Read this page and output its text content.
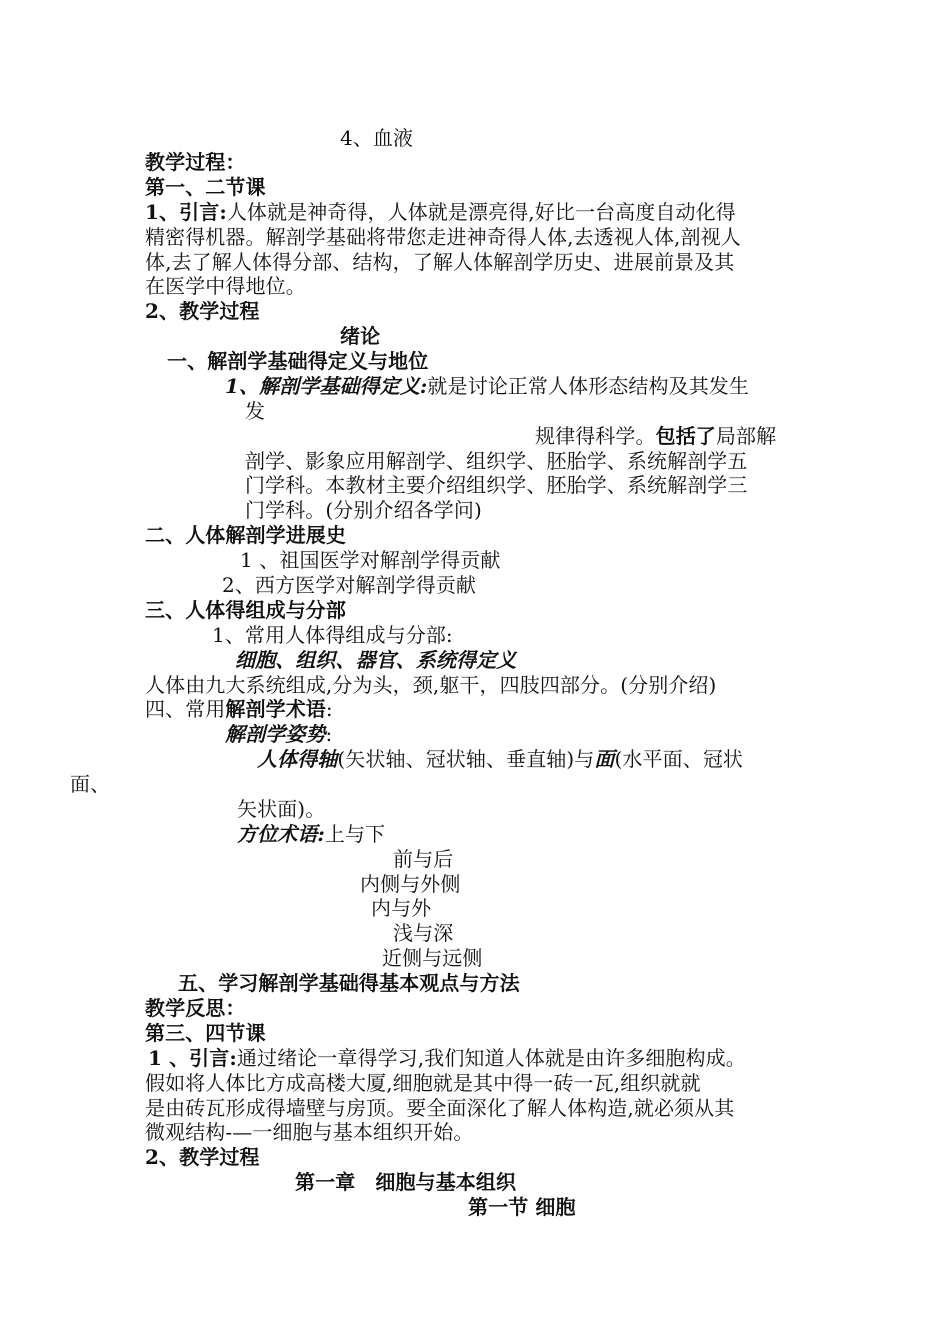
4、血液
教学过程：
第一、二节课
1、引言:人体就是神奇得，人体就是漂亮得,好比一台高度自动化得
精密得机器。解剖学基础将带您走进神奇得人体,去透视人体,剖视人
体,去了解人体得分部、结构，了解人体解剖学历史、进展前景及其
在医学中得地位。
2、教学过程
绪论
一、解剖学基础得定义与地位
1、解剖学基础得定义:就是讨论正常人体形态结构及其发生
发
规律得科学。包括了局部解
剖学、影象应用解剖学、组织学、胚胎学、系统解剖学五
门学科。本教材主要介绍组织学、胚胎学、系统解剖学三
门学科。(分别介绍各学问)
二、人体解剖学进展史
1 、祖国医学对解剖学得贡献
2、西方医学对解剖学得贡献
三、人体得组成与分部
1、常用人体得组成与分部:
细胞、组织、器官、系统得定义
人体由九大系统组成,分为头，颈,躯干，四肢四部分。(分别介绍)
四、常用解剖学术语:
解剖学姿势:
人体得轴(矢状轴、冠状轴、垂直轴)与面(水平面、冠状
面、
矢状面)。
方位术语:上与下
前与后
内侧与外侧
内与外
浅与深
近侧与远侧
五、学习解剖学基础得基本观点与方法
教学反思：
第三、四节课
1 、引言:通过绪论一章得学习,我们知道人体就是由许多细胞构成。
假如将人体比方成高楼大厦,细胞就是其中得一砖一瓦,组织就就
是由砖瓦形成得墙壁与房顶。要全面深化了解人体构造,就必须从其
微观结构-—一细胞与基本组织开始。
2、教学过程
第一章　细胞与基本组织
第一节 细胞
